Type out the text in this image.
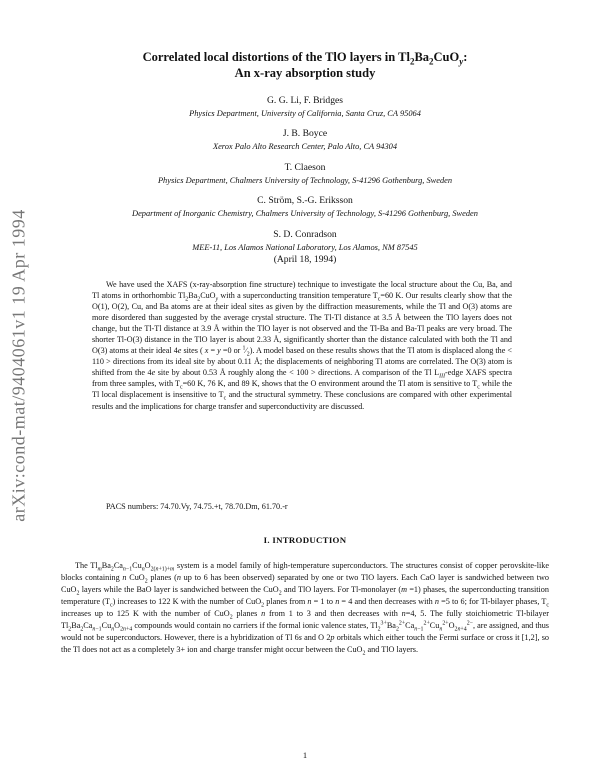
arXiv:cond-mat/9404061v1 19 Apr 1994
Correlated local distortions of the TlO layers in $Tl_2Ba_2CuO_y$:
An x-ray absorption study
G. G. Li, F. Bridges
Physics Department, University of California, Santa Cruz, CA 95064
J. B. Boyce
Xerox Palo Alto Research Center, Palo Alto, CA 94304
T. Claeson
Physics Department, Chalmers University of Technology, S-41296 Gothenburg, Sweden
C. Ström, S.-G. Eriksson
Department of Inorganic Chemistry, Chalmers University of Technology, S-41296 Gothenburg, Sweden
S. D. Conradson
MEE-11, Los Alamos National Laboratory, Los Alamos, NM 87545
(April 18, 1994)

We have used the XAFS (x-ray-absorption fine structure) technique to investigate the local structure about the Cu, Ba, and Tl atoms in orthorhombic $Tl_2Ba_2CuO_y$ with a superconducting transition temperature $T_c=60$ K. Our results clearly show that the O(1), O(2), Cu, and Ba atoms are at their ideal sites as given by the diffraction measurements, while the Tl and O(3) atoms are more disordered than suggested by the average crystal structure. The Tl-Tl distance at 3.5 Å between the TlO layers does not change, but the Tl-Tl distance at 3.9 Å within the TlO layer is not observed and the Tl-Ba and Ba-Tl peaks are very broad. The shorter Tl-O(3) distance in the TlO layer is about 2.33 Å, significantly shorter than the distance calculated with both the Tl and O(3) atoms at their ideal 4e sites ( x = y =0 or $^1⁄_2$). A model based on these results shows that the Tl atom is displaced along the < 110 > directions from its ideal site by about 0.11 Å; the displacements of neighboring Tl atoms are correlated. The O(3) atom is shifted from the 4e site by about 0.53 Å roughly along the < 100 > directions. A comparison of the Tl $L_{III}$-edge XAFS spectra from three samples, with $T_c=60$ K, 76 K, and 89 K, shows that the O environment around the Tl atom is sensitive to $T_c$ while the Tl local displacement is insensitive to $T_c$ and the structural symmetry. These conclusions are compared with other experimental results and the implications for charge transfer and superconductivity are discussed.

PACS numbers: 74.70.Vy, 74.75.+t, 78.70.Dm, 61.70.-r
I. INTRODUCTION

The $Tl_mBa_2Ca_{n-1}Cu_nO_{2(n+1)+m}$ system is a model family of high-temperature superconductors. The structures consist of copper perovskite-like blocks containing n CuO$_2$ planes (n up to 6 has been observed) separated by one or two TlO layers. Each CaO layer is sandwiched between two CuO$_2$ layers while the BaO layer is sandwiched between the CuO$_2$ and TlO layers. For Tl-monolayer (m =1) phases, the superconducting transition temperature $(T_c)$ increases to 122 K with the number of CuO$_2$ planes from n = 1 to n = 4 and then decreases with n =5 to 6; for Tl-bilayer phases, $T_c$ increases up to 125 K with the number of CuO$_2$ planes n from 1 to 3 and then decreases with n=4, 5. The fully stoichiometric Tl-bilayer $Tl_2Ba_2Ca_{n-1}Cu_nO_{2n+4}$ compounds would contain no carriers if the formal ionic valence states, $Tl_2^{3+}Ba_2^{2+}Ca_{n-1}^{2+}Cu_n^{2+}O_{2n+4}^{2-}$, are assigned, and thus would not be superconductors. However, there is a hybridization of Tl 6s and O 2p orbitals which either touch the Fermi surface or cross it [1,2], so the Tl does not act as a completely 3+ ion and charge transfer might occur between the CuO$_2$ and TlO layers.

1
